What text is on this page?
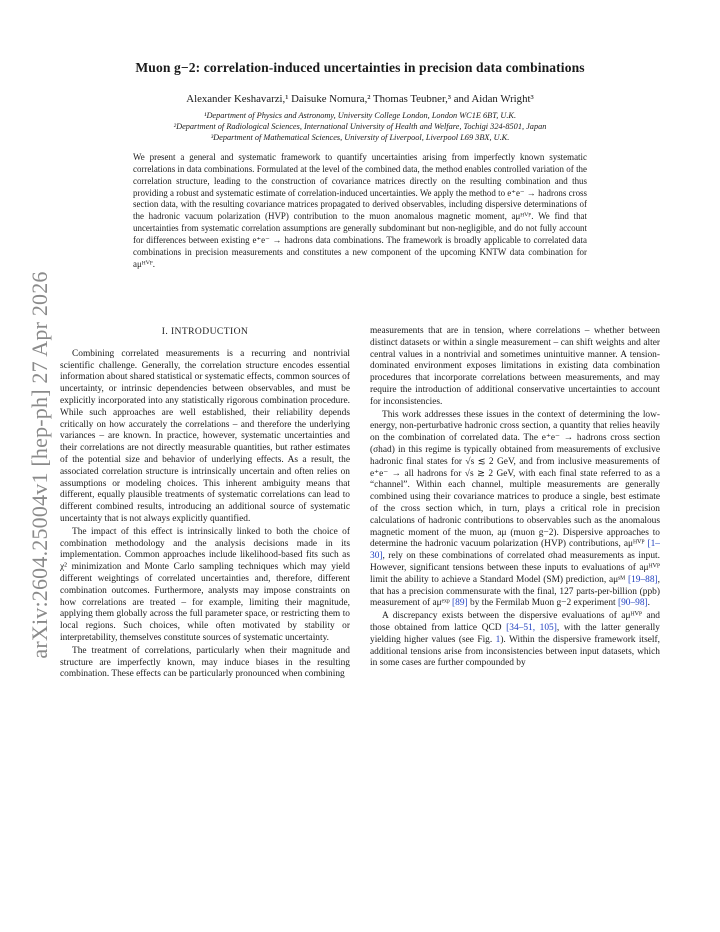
arXiv:2604.25004v1 [hep-ph] 27 Apr 2026
Muon g−2: correlation-induced uncertainties in precision data combinations
Alexander Keshavarzi,¹ Daisuke Nomura,² Thomas Teubner,³ and Aidan Wright³
¹Department of Physics and Astronomy, University College London, London WC1E 6BT, U.K.
²Department of Radiological Sciences, International University of Health and Welfare, Tochigi 324-8501, Japan
³Department of Mathematical Sciences, University of Liverpool, Liverpool L69 3BX, U.K.
We present a general and systematic framework to quantify uncertainties arising from imperfectly known systematic correlations in data combinations. Formulated at the level of the combined data, the method enables controlled variation of the correlation structure, leading to the construction of covariance matrices directly on the resulting combination and thus providing a robust and systematic estimate of correlation-induced uncertainties. We apply the method to e⁺e⁻ → hadrons cross section data, with the resulting covariance matrices propagated to derived observables, including dispersive determinations of the hadronic vacuum polarization (HVP) contribution to the muon anomalous magnetic moment, aμᴴⱽᴾ. We find that uncertainties from systematic correlation assumptions are generally subdominant but non-negligible, and do not fully account for differences between existing e⁺e⁻ → hadrons data combinations. The framework is broadly applicable to correlated data combinations in precision measurements and constitutes a new component of the upcoming KNTW data combination for aμᴴⱽᴾ.
I. INTRODUCTION

Combining correlated measurements is a recurring and nontrivial scientific challenge. Generally, the correlation structure encodes essential information about shared statistical or systematic effects, common sources of uncertainty, or intrinsic dependencies between observables, and must be explicitly incorporated into any statistically rigorous combination procedure. While such approaches are well established, their reliability depends critically on how accurately the correlations – and therefore the underlying variances – are known. In practice, however, systematic uncertainties and their correlations are not directly measurable quantities, but rather estimates of the potential size and behavior of underlying effects. As a result, the associated correlation structure is intrinsically uncertain and often relies on assumptions or modeling choices. This inherent ambiguity means that different, equally plausible treatments of systematic correlations can lead to different combined results, introducing an additional source of systematic uncertainty that is not always explicitly quantified.

The impact of this effect is intrinsically linked to both the choice of combination methodology and the analysis decisions made in its implementation. Common approaches include likelihood-based fits such as χ² minimization and Monte Carlo sampling techniques which may yield different weightings of correlated uncertainties and, therefore, different combination outcomes. Furthermore, analysts may impose constraints on how correlations are treated – for example, limiting their magnitude, applying them globally across the full parameter space, or restricting them to local regions. Such choices, while often motivated by stability or interpretability, themselves constitute sources of systematic uncertainty.

The treatment of correlations, particularly when their magnitude and structure are imperfectly known, may induce biases in the resulting combination. These effects can be particularly pronounced when combining

measurements that are in tension, where correlations – whether between distinct datasets or within a single measurement – can shift weights and alter central values in a nontrivial and sometimes unintuitive manner. A tension-dominated environment exposes limitations in existing data combination procedures that incorporate correlations between measurements, and may require the introduction of additional conservative uncertainties to account for inconsistencies.

This work addresses these issues in the context of determining the low-energy, non-perturbative hadronic cross section, a quantity that relies heavily on the combination of correlated data. The e⁺e⁻ → hadrons cross section (σhad) in this regime is typically obtained from measurements of exclusive hadronic final states for √s ≲ 2 GeV, and from inclusive measurements of e⁺e⁻ → all hadrons for √s ≳ 2 GeV, with each final state referred to as a “channel”. Within each channel, multiple measurements are generally combined using their covariance matrices to produce a single, best estimate of the cross section which, in turn, plays a critical role in precision calculations of hadronic contributions to observables such as the anomalous magnetic moment of the muon, aμ (muon g−2). Dispersive approaches to determine the hadronic vacuum polarization (HVP) contributions, aμᴴⱽᴾ [1–30], rely on these combinations of correlated σhad measurements as input. However, significant tensions between these inputs to evaluations of aμᴴⱽᴾ limit the ability to achieve a Standard Model (SM) prediction, aμˢᴹ [19–88], that has a precision commensurate with the final, 127 parts-per-billion (ppb) measurement of aμᵉˣᵖ [89] by the Fermilab Muon g−2 experiment [90–98].

A discrepancy exists between the dispersive evaluations of aμᴴⱽᴾ and those obtained from lattice QCD [34–51, 105], with the latter generally yielding higher values (see Fig. 1). Within the dispersive framework itself, additional tensions arise from inconsistencies between input datasets, which in some cases are further compounded by
